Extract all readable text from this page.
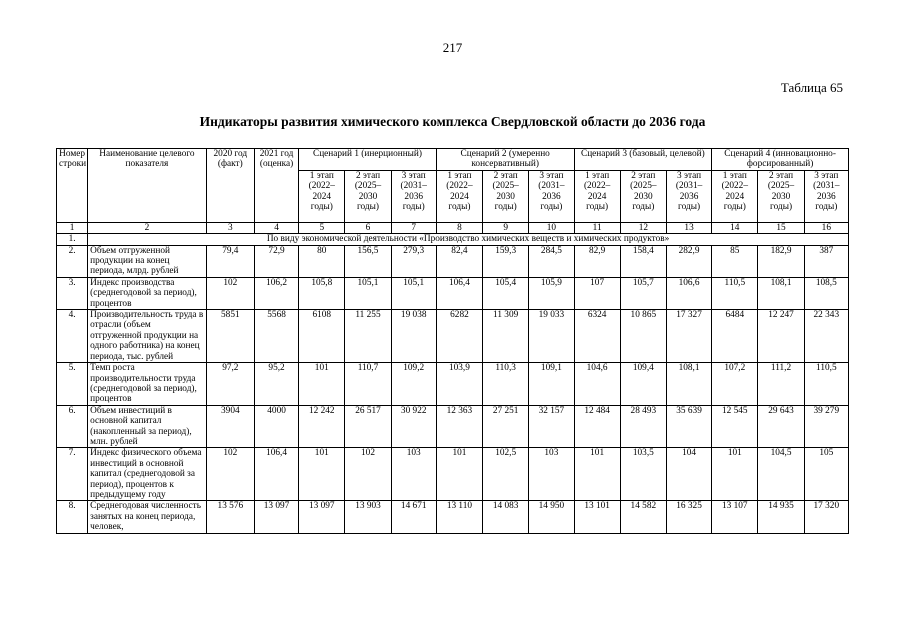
217
Таблица 65
Индикаторы развития химического комплекса Свердловской области до 2036 года
Номер строки	Наименование целевого показателя	2020 год (факт)	2021 год (оценка)	Сценарий 1 (инерционный)			Сценарий 2 (умеренно консервативный)			Сценарий 3 (базовый, целевой)			Сценарий 4 (инновационно-форсированный)		
				1 этап (2022–2024 годы)	2 этап (2025–2030 годы)	3 этап (2031–2036 годы)	1 этап (2022–2024 годы)	2 этап (2025–2030 годы)	3 этап (2031–2036 годы)	1 этап (2022–2024 годы)	2 этап (2025–2030 годы)	3 этап (2031–2036 годы)	1 этап (2022–2024 годы)	2 этап (2025–2030 годы)	3 этап (2031–2036 годы)
1	2	3	4	5	6	7	8	9	10	11	12	13	14	15	16
1.	По виду экономической деятельности «Производство химических веществ и химических продуктов»														
2.	Объем отгруженной продукции на конец периода, млрд. рублей	79,4	72,9	80	156,5	279,3	82,4	159,3	284,5	82,9	158,4	282,9	85	182,9	387
3.	Индекс производства (среднегодовой за период), процентов	102	106,2	105,8	105,1	105,1	106,4	105,4	105,9	107	105,7	106,6	110,5	108,1	108,5
4.	Производительность труда в отрасли (объем отгруженной продукции на одного работника) на конец периода, тыс. рублей	5851	5568	6108	11 255	19 038	6282	11 309	19 033	6324	10 865	17 327	6484	12 247	22 343
5.	Темп роста производительности труда (среднегодовой за период), процентов	97,2	95,2	101	110,7	109,2	103,9	110,3	109,1	104,6	109,4	108,1	107,2	111,2	110,5
6.	Объем инвестиций в основной капитал (накопленный за период), млн. рублей	3904	4000	12 242	26 517	30 922	12 363	27 251	32 157	12 484	28 493	35 639	12 545	29 643	39 279
7.	Индекс физического объема инвестиций в основной капитал (среднегодовой за период), процентов к предыдущему году	102	106,4	101	102	103	101	102,5	103	101	103,5	104	101	104,5	105
8.	Среднегодовая численность занятых на конец периода, человек,	13 576	13 097	13 097	13 903	14 671	13 110	14 083	14 950	13 101	14 582	16 325	13 107	14 935	17 320
